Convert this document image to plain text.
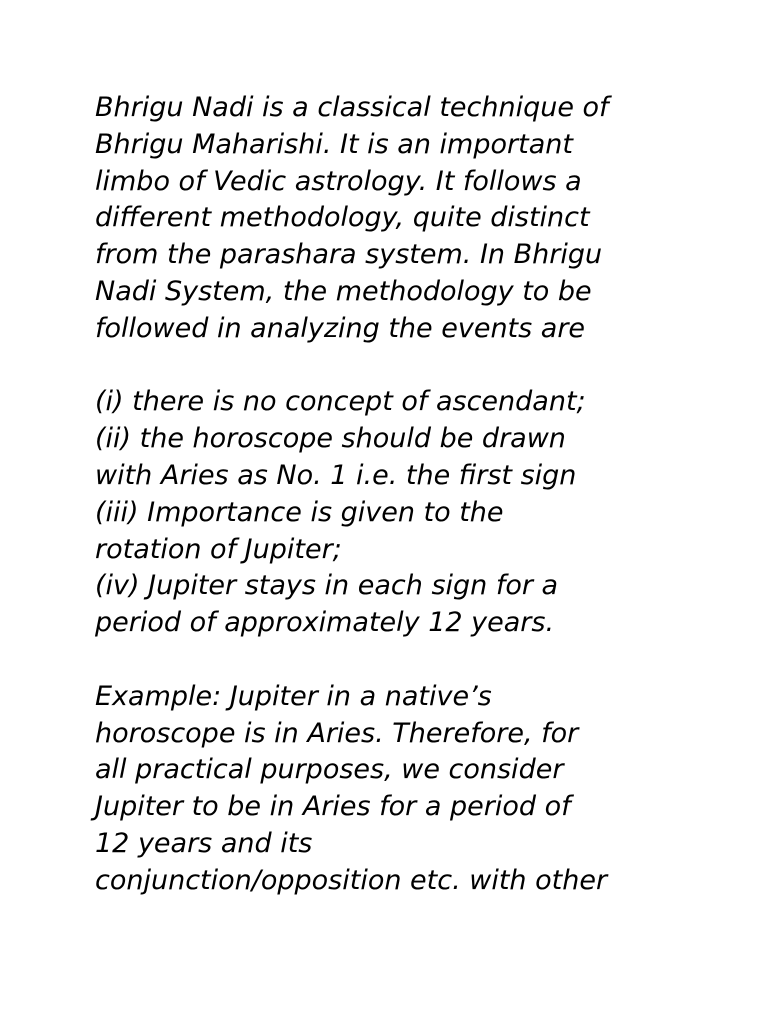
Bhrigu Nadi is a classical technique of
Bhrigu Maharishi. It is an important
limbo of Vedic astrology. It follows a
different methodology, quite distinct
from the parashara system. In Bhrigu
Nadi System, the methodology to be
followed in analyzing the events are
(i) there is no concept of ascendant;
(ii) the horoscope should be drawn
with Aries as No. 1 i.e. the first sign
(iii) Importance is given to the
rotation of Jupiter;
(iv) Jupiter stays in each sign for a
period of approximately 12 years.
Example: Jupiter in a native’s
horoscope is in Aries. Therefore, for
all practical purposes, we consider
Jupiter to be in Aries for a period of
12 years and its
conjunction/opposition etc. with other
